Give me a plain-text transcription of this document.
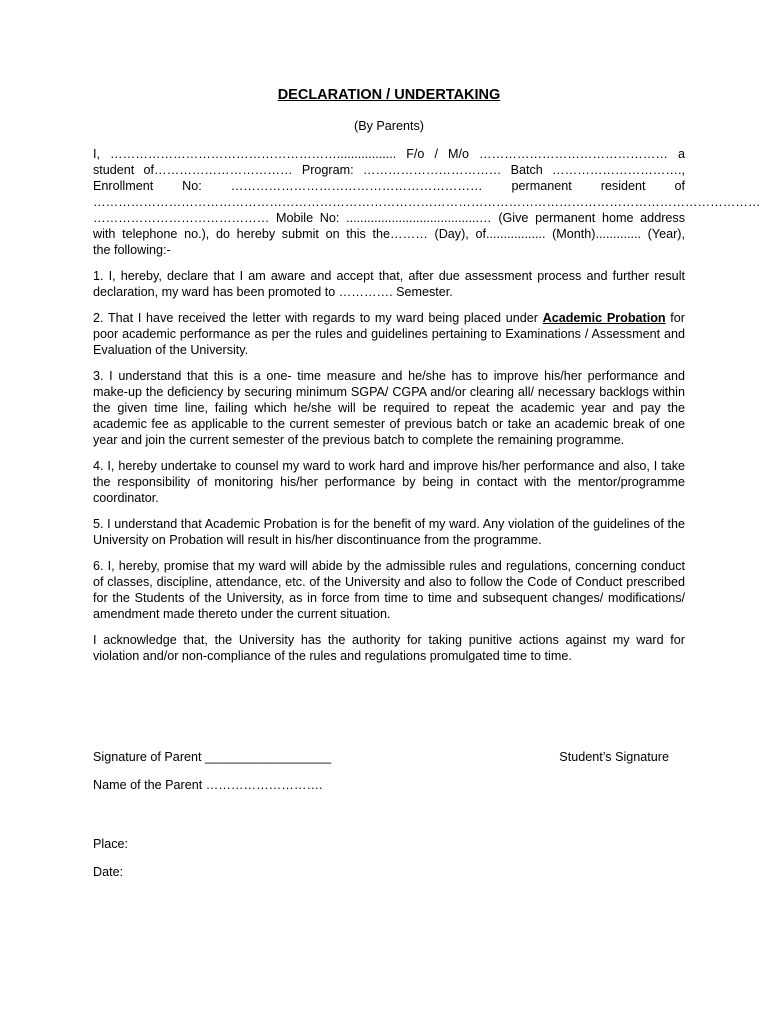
DECLARATION / UNDERTAKING
(By Parents)
I, ………………………………………………................. F/o / M/o ……………………………………… a
student of…………………………… Program: …………………………… Batch ………………………….,
Enrollment No: …………………………………………………… permanent resident of
……………………………………………………………………………………………………………………………………………
…………………………………… Mobile No: ......................................… (Give permanent home address
with telephone no.), do hereby submit on this the……… (Day), of................. (Month)............. (Year),
the following:-

1. I, hereby, declare that I am aware and accept that, after due assessment process and further result declaration, my ward has been promoted to …………. Semester.

2. That I have received the letter with regards to my ward being placed under Academic Probation for poor academic performance as per the rules and guidelines pertaining to Examinations / Assessment and Evaluation of the University.

3. I understand that this is a one- time measure and he/she has to improve his/her performance and make-up the deficiency by securing minimum SGPA/ CGPA and/or clearing all/ necessary backlogs within the given time line, failing which he/she will be required to repeat the academic year and pay the academic fee as applicable to the current semester of previous batch or take an academic break of one year and join the current semester of the previous batch to complete the remaining programme.

4. I, hereby undertake to counsel my ward to work hard and improve his/her performance and also, I take the responsibility of monitoring his/her performance by being in contact with the mentor/programme coordinator.

5. I understand that Academic Probation is for the benefit of my ward. Any violation of the guidelines of the University on Probation will result in his/her discontinuance from the programme.

6. I, hereby, promise that my ward will abide by the admissible rules and regulations, concerning conduct of classes, discipline, attendance, etc. of the University and also to follow the Code of Conduct prescribed for the Students of the University, as in force from time to time and subsequent changes/ modifications/ amendment made thereto under the current situation.

I acknowledge that, the University has the authority for taking punitive actions against my ward for violation and/or non-compliance of the rules and regulations promulgated time to time.

Signature of Parent __________________	Student’s Signature
Name of the Parent ……………………….
Place:
Date:
